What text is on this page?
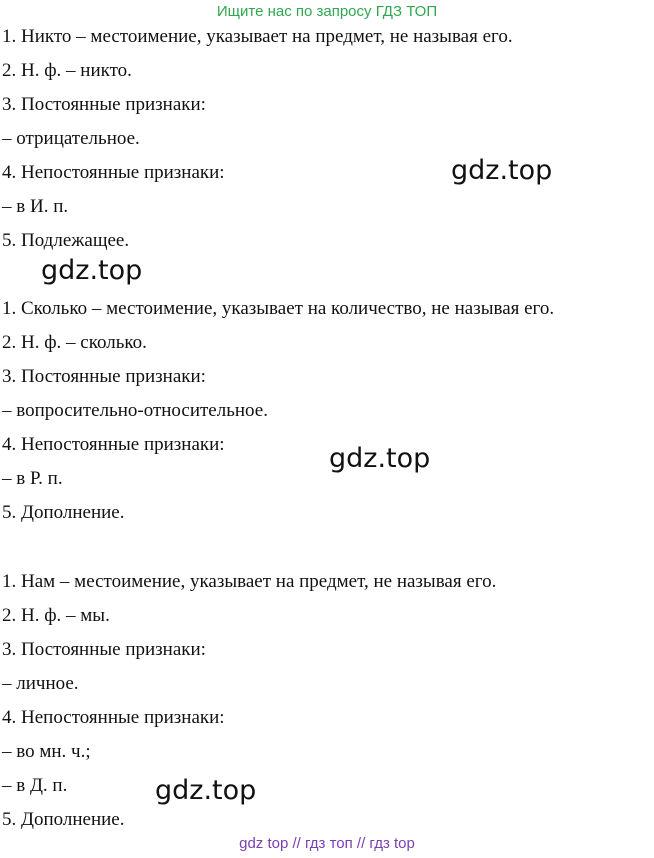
Ищите нас по запросу ГДЗ ТОП
1. Никто – местоимение, указывает на предмет, не называя его.
2. Н. ф. – никто.
3. Постоянные признаки:
– отрицательное.
4. Непостоянные признаки:
– в И. п.
5. Подлежащее.
1. Сколько – местоимение, указывает на количество, не называя его.
2. Н. ф. – сколько.
3. Постоянные признаки:
– вопросительно-относительное.
4. Непостоянные признаки:
– в Р. п.
5. Дополнение.
1. Нам – местоимение, указывает на предмет, не называя его.
2. Н. ф. – мы.
3. Постоянные признаки:
– личное.
4. Непостоянные признаки:
– во мн. ч.;
– в Д. п.
5. Дополнение.
gdz.top
gdz.top
gdz.top
gdz.top
gdz top // гдз топ // гдз top
